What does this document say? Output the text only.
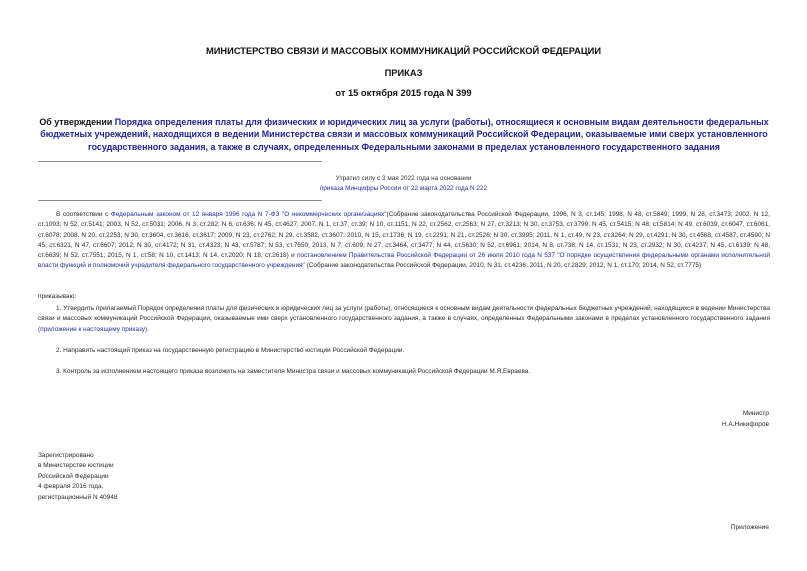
МИНИСТЕРСТВО СВЯЗИ И МАССОВЫХ КОММУНИКАЦИЙ РОССИЙСКОЙ ФЕДЕРАЦИИ
ПРИКАЗ
от 15 октября 2015 года N 399
Об утверждении Порядка определения платы для физических и юридических лиц за услуги (работы), относящиеся к основным видам деятельности федеральных бюджетных учреждений, находящихся в ведении Министерства связи и массовых коммуникаций Российской Федерации, оказываемые ими сверх установленного государственного задания, а также в случаях, определенных Федеральными законами в пределах установленного государственного задания
Утратил силу с 3 мая 2022 года на основании
приказа Минцифры России от 22 марта 2022 года N 222
В соответствии с Федеральным законом от 12 января 1996 года N 7-ФЗ "О некоммерческих организациях"(Собрание законодательства Российской Федерации, 1996, N 3, ст.145; 1998, N 48, ст.5849; 1999, N 28, ст.3473; 2002, N 12, ст.1093; N 52, ст.5141; 2003, N 52, ст.5031; 2006, N 3, ст.282; N 6, ст.636; N 45, ст.4627; 2007, N 1, ст.37, ст.39; N 10, ст.1151, N 22, ст.2562, ст.2563; N 27, ст.3213; N 30, ст.3753, ст.3799; N 45, ст.5415; N 48, ст.5814; N 49, ст.6039, ст.6047, ст.6061, ст.6078; 2008, N 20, ст.2253; N 30, ст.3604, ст.3616, ст.3617; 2009, N 23, ст.2762; N 29, ст.3582, ст.3607; 2010, N 15, ст.1736; N 19, ст.2291; N 21, ст.2526; N 30, ст.3995; 2011, N 1, ст.49, N 23, ст.3264; N 29, ст.4291; N 30, ст.4568, ст.4587, ст.4590; N 45, ст.6321, N 47, ст.6607; 2012, N 30, ст.4172; N 31, ст.4323; N 43, ст.5787; N 53, ст.7650; 2013, N 7, ст.609; N 27, ст.3464, ст.3477; N 44, ст.5630; N 52, ст.6961; 2014, N 8, ст.738; N 14, ст.1531; N 23, ст.2932; N 30, ст.4237; N 45, ст.6139; N 48, ст.6639; N 52, ст.7551; 2015, N 1, ст.58; N 10, ст.1413; N 14, ст.2020; N 18, ст.2618) и постановлением Правительства Российской Федерации от 26 июля 2010 года N 537 "О порядке осуществления федеральными органами исполнительной власти функций и полномочий учредителя федерального государственного учреждения" (Собрание законодательства Российской Федерации, 2010, N 31, ст.4236; 2011, N 20, ст.2829; 2012, N 1, ст.170; 2014, N 52, ст.7775)
приказываю:
1. Утвердить прилагаемый Порядок определения платы для физических и юридических лиц за услуги (работы), относящиеся к основным видам деятельности федеральных бюджетных учреждений, находящихся в ведении Министерства связи и массовых коммуникаций Российской Федерации, оказываемые ими сверх установленного государственного задания, а также в случаях, определенных Федеральными законами в пределах установленного государственного задания (приложение к настоящему приказу).
2. Направить настоящий приказ на государственную регистрацию в Министерство юстиции Российской Федерации.
3. Контроль за исполнением настоящего приказа возложить на заместителя Министра связи и массовых коммуникаций Российской Федерации М.Я.Евраева.
Министр
Н.А.Никифоров
Зарегистрировано
в Министерстве юстиции
Российской Федерации
4 февраля 2016 года,
регистрационный N 40948
Приложение
